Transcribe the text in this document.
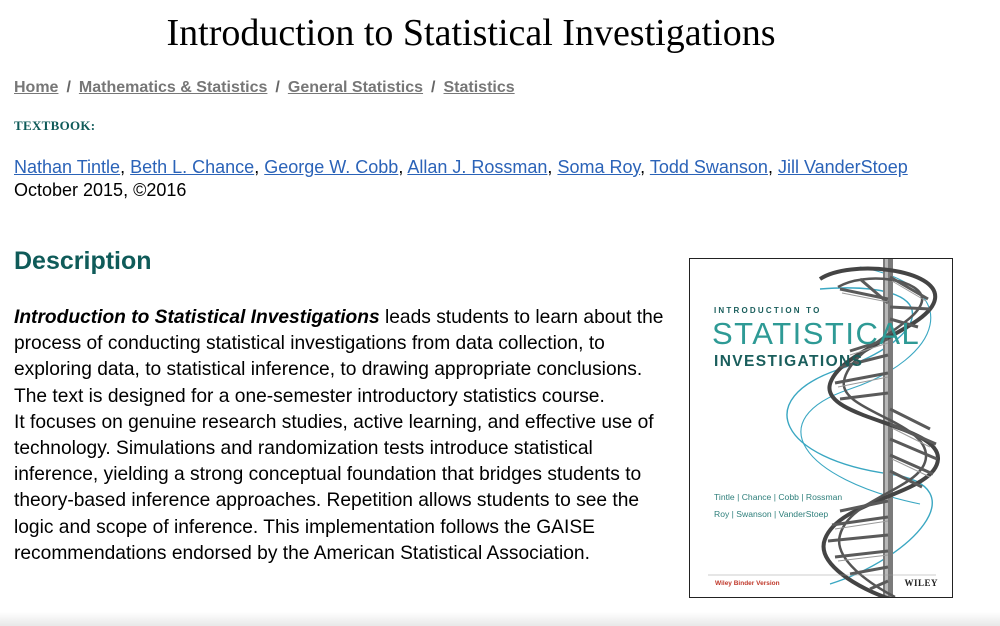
Introduction to Statistical Investigations
Home / Mathematics & Statistics / General Statistics / Statistics
TEXTBOOK:
Nathan Tintle, Beth L. Chance, George W. Cobb, Allan J. Rossman, Soma Roy, Todd Swanson, Jill VanderStoep
October 2015, ©2016
Description

Introduction to Statistical Investigations leads students to learn about the process of conducting statistical investigations from data collection, to exploring data, to statistical inference, to drawing appropriate conclusions. The text is designed for a one-semester introductory statistics course.

It focuses on genuine research studies, active learning, and effective use of technology. Simulations and randomization tests introduce statistical inference, yielding a strong conceptual foundation that bridges students to theory-based inference approaches. Repetition allows students to see the logic and scope of inference. This implementation follows the GAISE recommendations endorsed by the American Statistical Association.

INTRODUCTION TO
STATISTICAL
INVESTIGATIONS
Tintle | Chance | Cobb | Rossman
Roy | Swanson | VanderStoep
Wiley Binder Version	WILEY
